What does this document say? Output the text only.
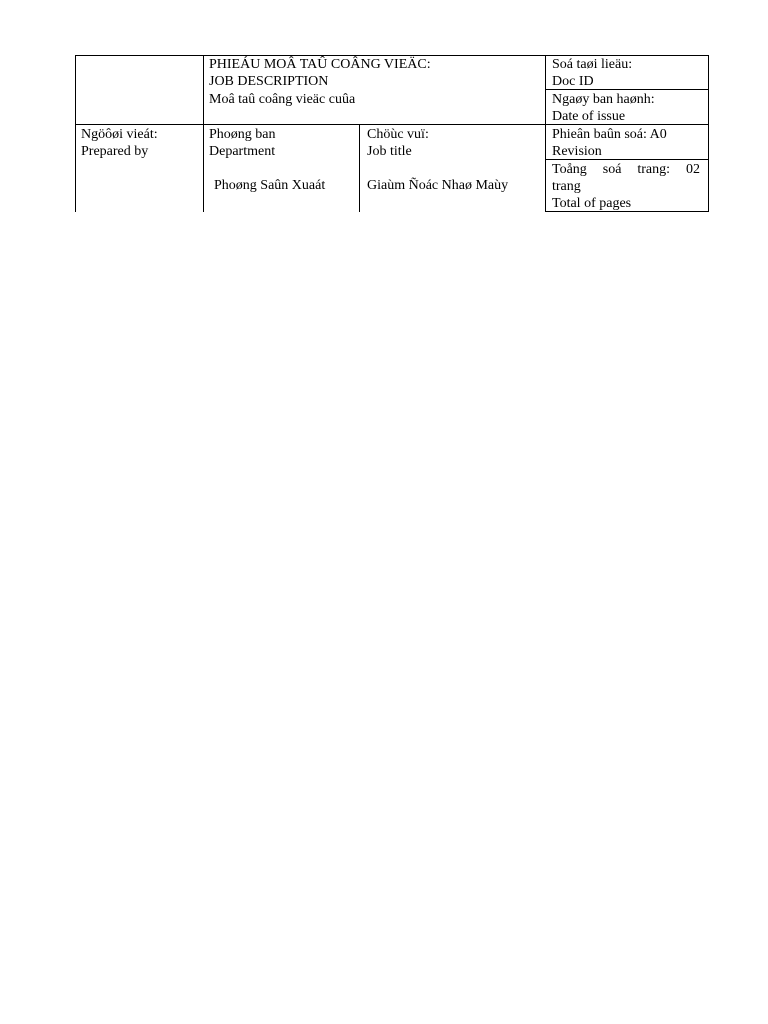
PHIEÁU MOÂ TAÛ COÂNG VIEÄC:
JOB DESCRIPTION
Moâ taû coâng vieäc cuûa
Soá taøi lieäu:
Doc ID
Ngaøy ban haønh:
Date of issue
Ngöôøi vieát:
Prepared by
Phoøng ban
Department
Phoøng Saûn Xuaát
Chöùc vuï:
Job title
Giaùm Ñoác Nhaø Maùy
Phieân baûn soá: A0
Revision
Toång soá trang: 02
trang
Total of pages
